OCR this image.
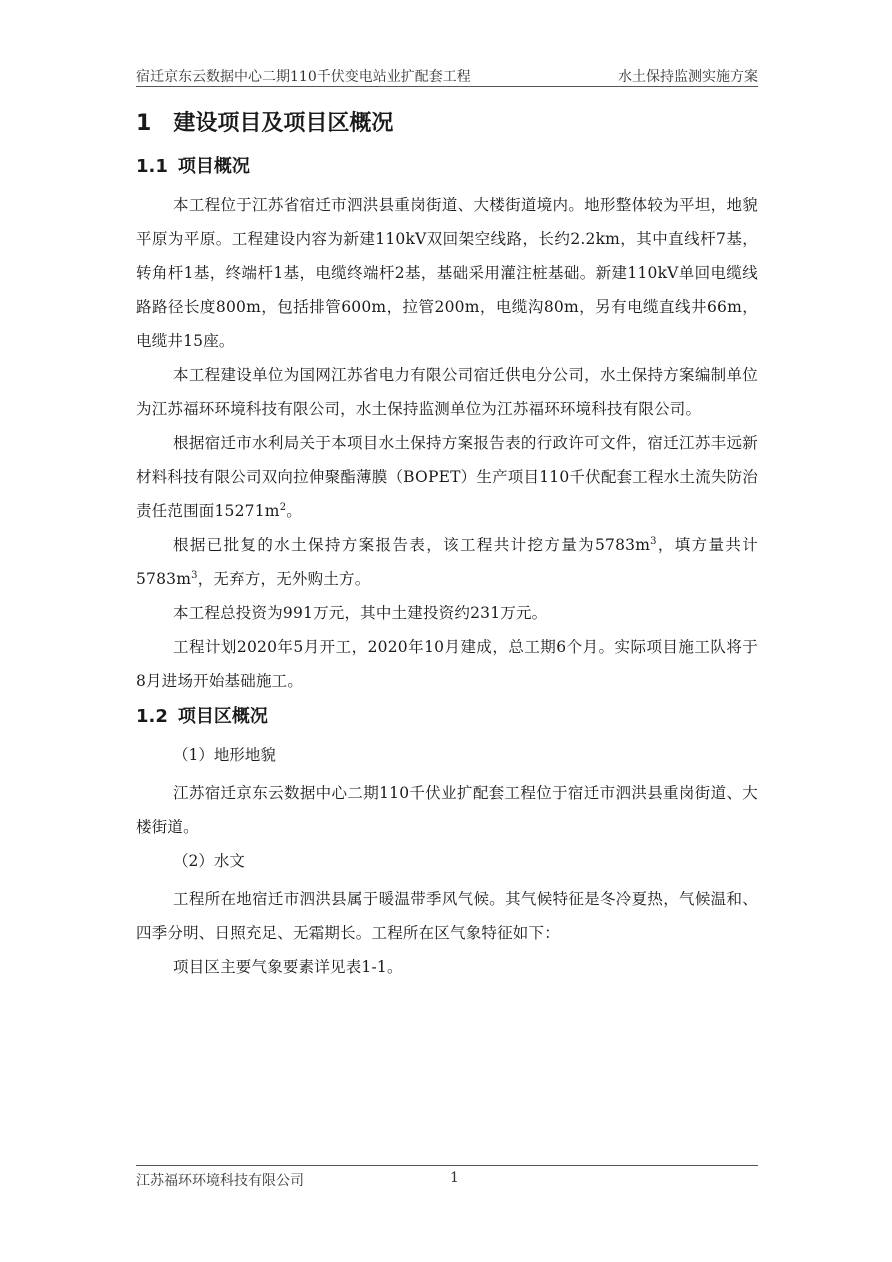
宿迁京东云数据中心二期110千伏变电站业扩配套工程	水土保持监测实施方案
1 建设项目及项目区概况
1.1 项目概况

本工程位于江苏省宿迁市泗洪县重岗街道、大楼街道境内。地形整体较为平坦，地貌平原为平原。工程建设内容为新建110kV双回架空线路，长约2.2km，其中直线杆7基，转角杆1基，终端杆1基，电缆终端杆2基，基础采用灌注桩基础。新建110kV单回电缆线路路径长度800m，包括排管600m，拉管200m，电缆沟80m，另有电缆直线井66m，电缆井15座。

本工程建设单位为国网江苏省电力有限公司宿迁供电分公司，水土保持方案编制单位为江苏福环环境科技有限公司，水土保持监测单位为江苏福环环境科技有限公司。

根据宿迁市水利局关于本项目水土保持方案报告表的行政许可文件，宿迁江苏丰远新材料科技有限公司双向拉伸聚酯薄膜（BOPET）生产项目110千伏配套工程水土流失防治责任范围面$15271m^2$。

根据已批复的水土保持方案报告表，该工程共计挖方量为$5783m^3$，填方量共计$5783m^3$，无弃方，无外购土方。

本工程总投资为991万元，其中土建投资约231万元。

工程计划2020年5月开工，2020年10月建成，总工期6个月。实际项目施工队将于8月进场开始基础施工。

1.2 项目区概况

（1）地形地貌

江苏宿迁京东云数据中心二期110千伏业扩配套工程位于宿迁市泗洪县重岗街道、大楼街道。

（2）水文

工程所在地宿迁市泗洪县属于暖温带季风气候。其气候特征是冬冷夏热，气候温和、四季分明、日照充足、无霜期长。工程所在区气象特征如下：

项目区主要气象要素详见表1-1。

江苏福环环境科技有限公司	1
